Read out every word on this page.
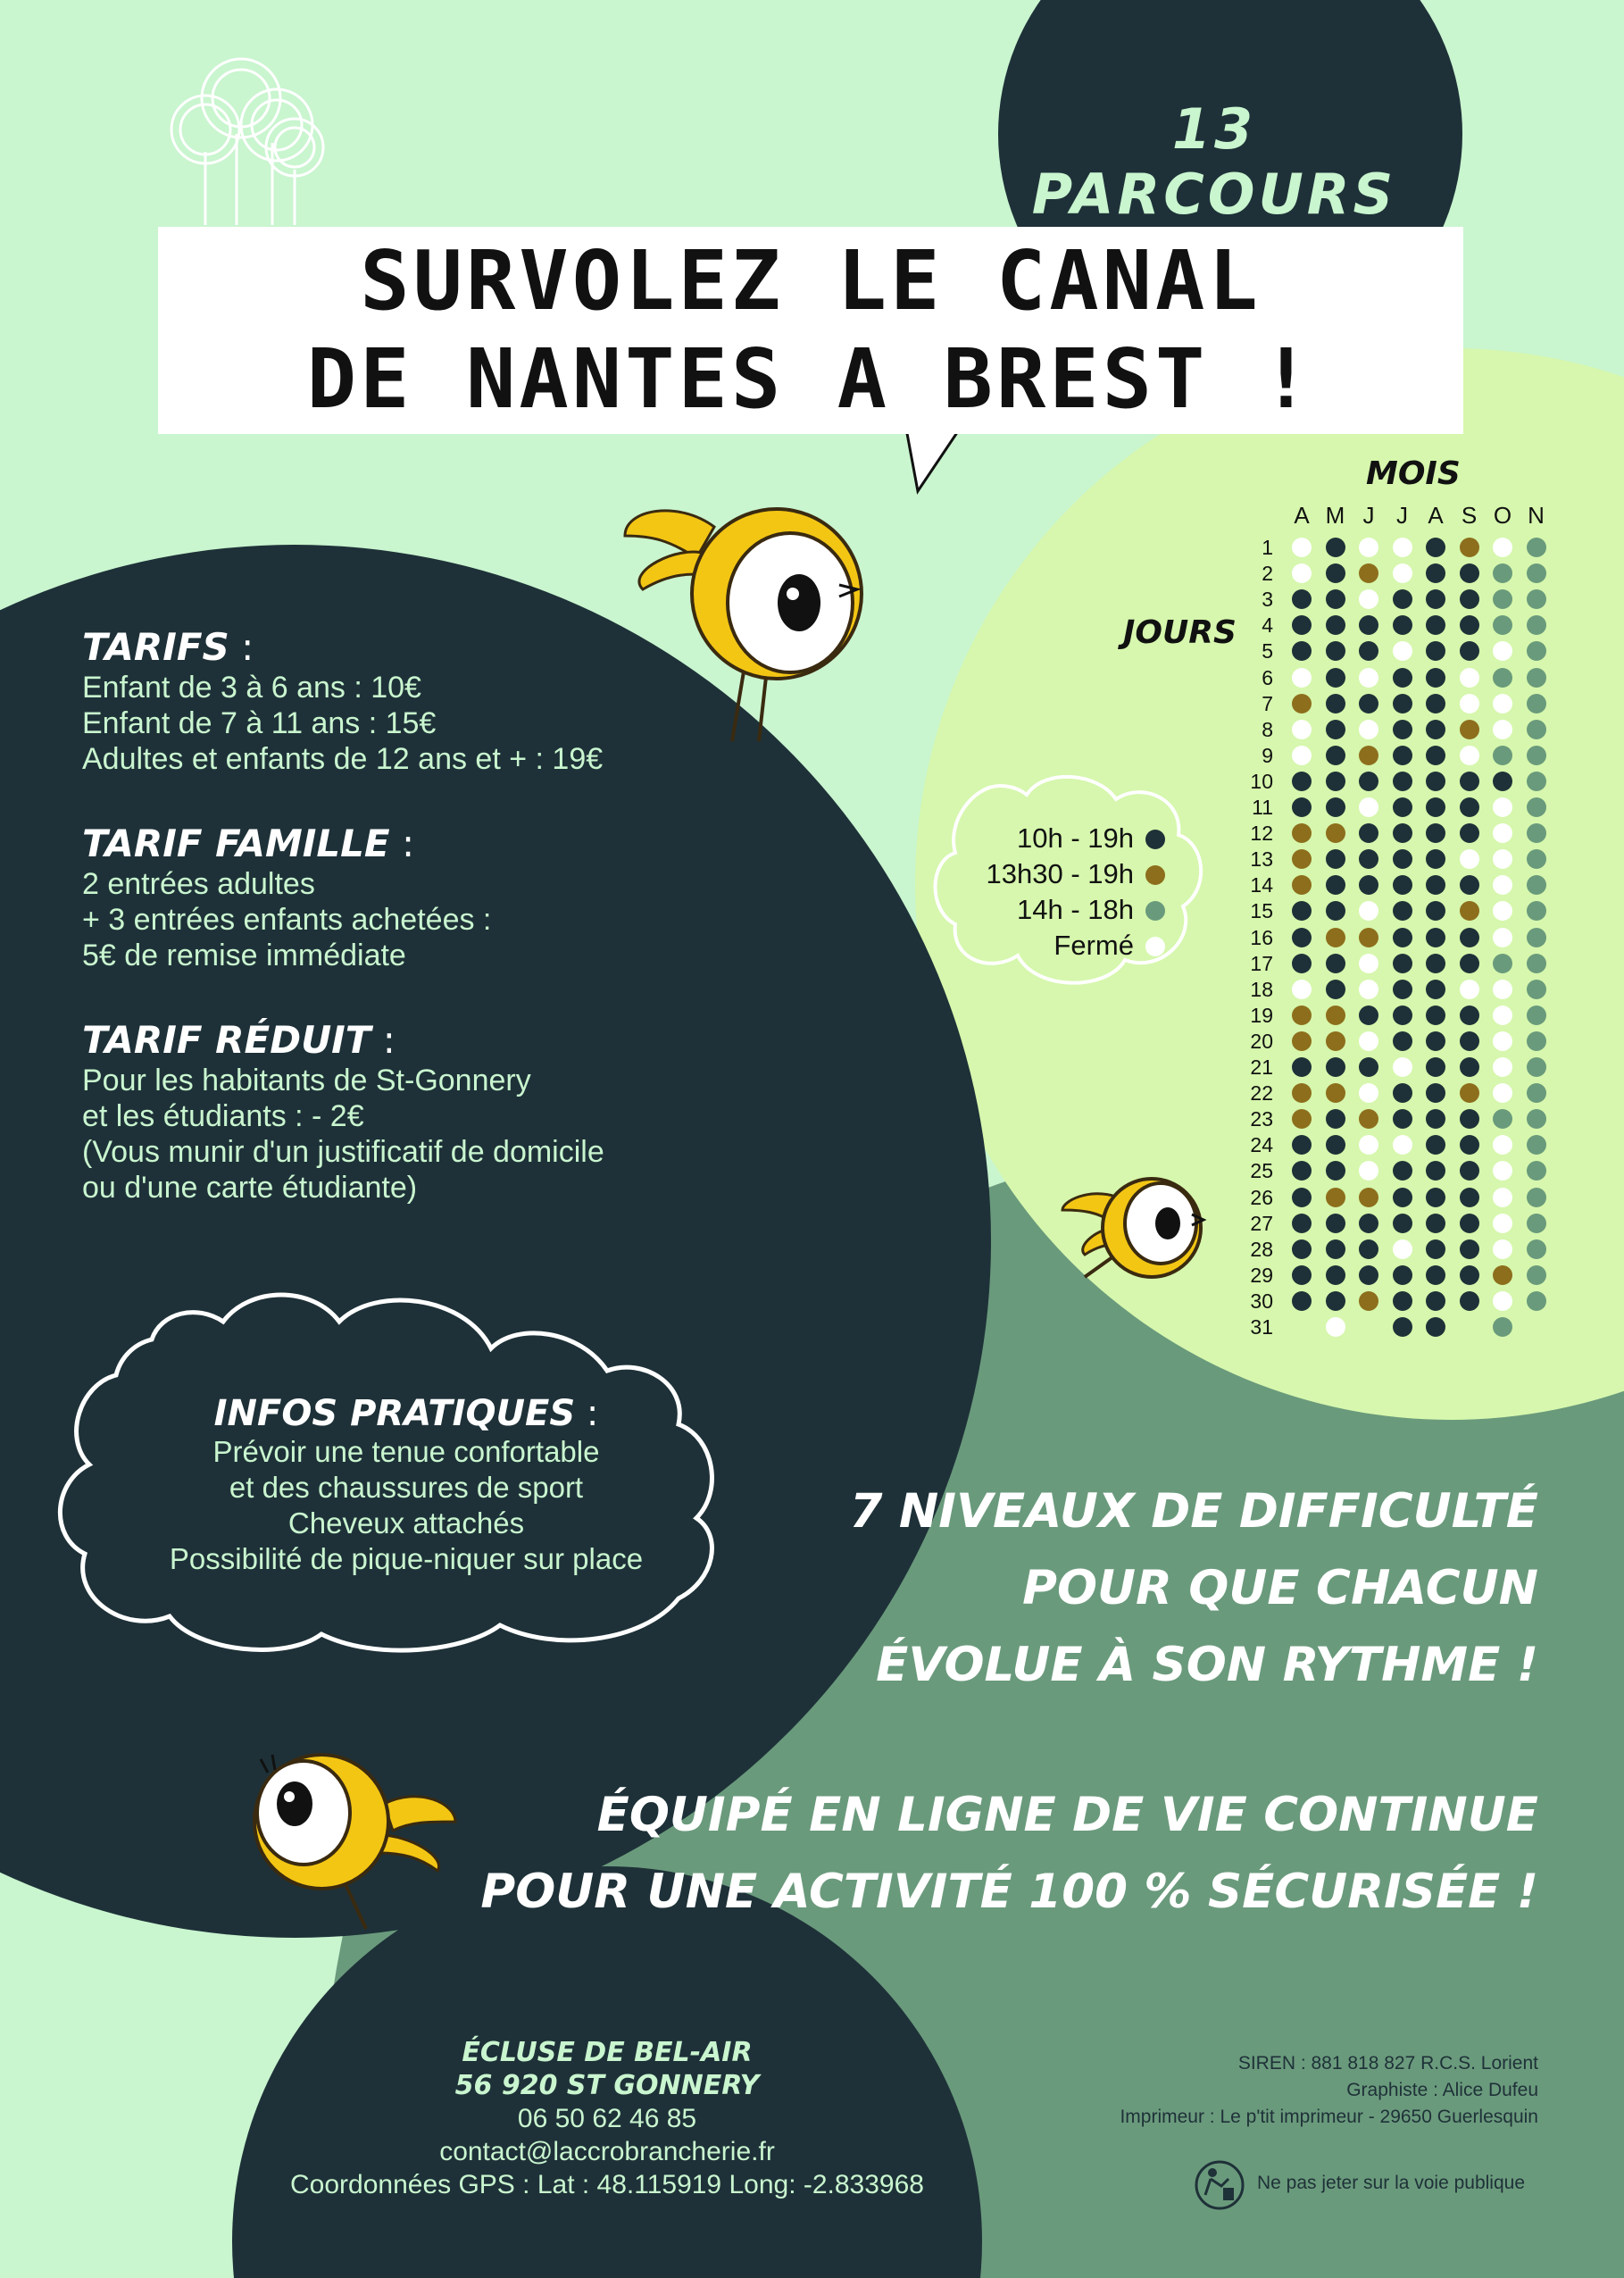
13 PARCOURS
SURVOLEZ LE CANAL
DE NANTES A BREST !
TARIFS :
Enfant de 3 à 6 ans : 10€
Enfant de 7 à 11 ans : 15€
Adultes et enfants de 12 ans et + : 19€
TARIF FAMILLE :
2 entrées adultes
+ 3 entrées enfants achetées :
5€ de remise immédiate
TARIF RÉDUIT :
Pour les habitants de St-Gonnery
et les étudiants : - 2€
(Vous munir d'un justificatif de domicile
ou d'une carte étudiante)
INFOS PRATIQUES :
Prévoir une tenue confortable
et des chaussures de sport
Cheveux attachés
Possibilité de pique-niquer sur place
MOIS
JOURS
A M J J A S O N
1
2
3
4
5
6
7
8
9
10
11
12
13
14
15
16
17
18
19
20
21
22
23
24
25
26
27
28
29
30
31
10h - 19h
13h30 - 19h
14h - 18h
Fermé
7 NIVEAUX DE DIFFICULTÉ
POUR QUE CHACUN
ÉVOLUE À SON RYTHME !
ÉQUIPÉ EN LIGNE DE VIE CONTINUE
POUR UNE ACTIVITÉ 100 % SÉCURISÉE !
ÉCLUSE DE BEL-AIR
56 920 ST GONNERY
06 50 62 46 85
contact@laccrobrancherie.fr
Coordonnées GPS : Lat : 48.115919 Long: -2.833968
SIREN : 881 818 827 R.C.S. Lorient
Graphiste : Alice Dufeu
Imprimeur : Le p'tit imprimeur - 29650 Guerlesquin
Ne pas jeter sur la voie publique
